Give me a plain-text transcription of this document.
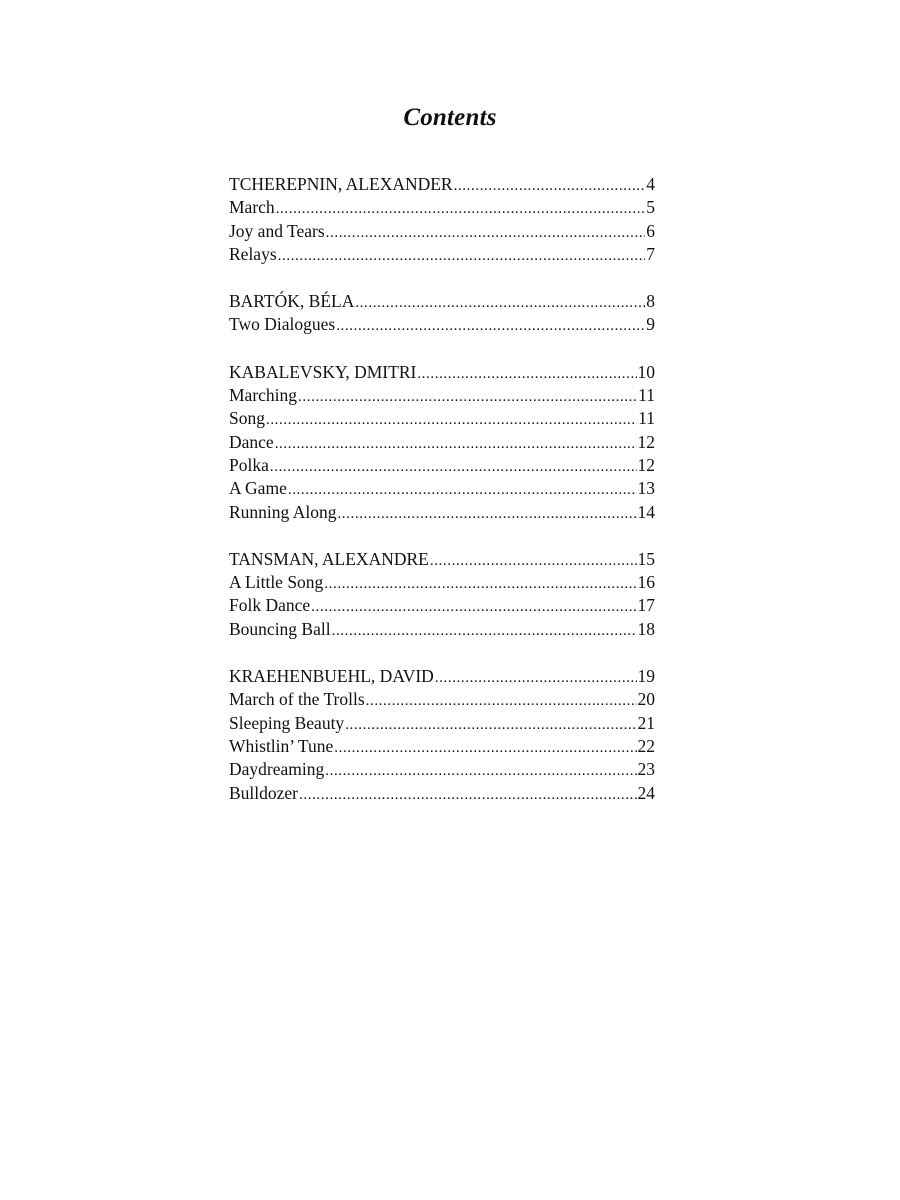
Contents
TCHEREPNIN, ALEXANDER .....	4
March .....	5
Joy and Tears .....	6
Relays .....	7
BARTÓK, BÉLA .....	8
Two Dialogues .....	9
KABALEVSKY, DMITRI .....	10
Marching .....	11
Song .....	11
Dance .....	12
Polka .....	12
A Game .....	13
Running Along .....	14
TANSMAN, ALEXANDRE .....	15
A Little Song .....	16
Folk Dance .....	17
Bouncing Ball .....	18
KRAEHENBUEHL, DAVID .....	19
March of the Trolls .....	20
Sleeping Beauty .....	21
Whistlin’ Tune .....	22
Daydreaming .....	23
Bulldozer .....	24
